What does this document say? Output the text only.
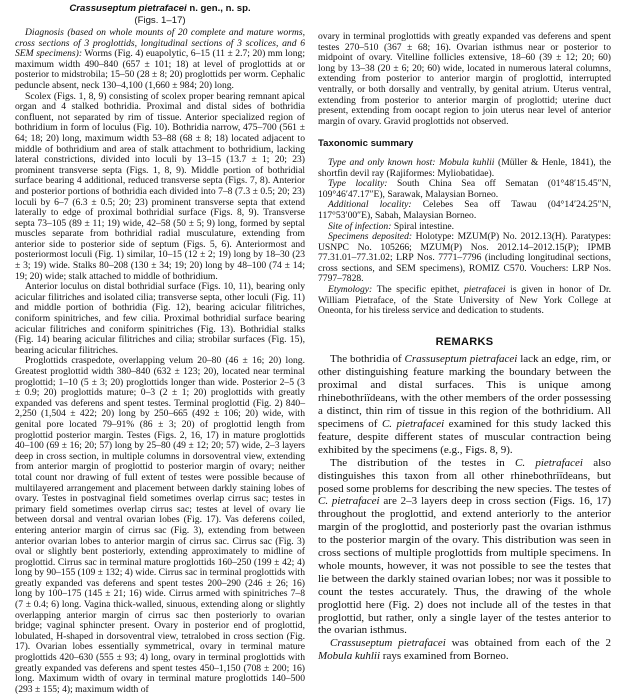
Crassuseptum pietrafacei n. gen., n. sp.
(Figs. 1–17)

Diagnosis (based on whole mounts of 20 complete and mature worms, cross sections of 3 proglottids, longitudinal sections of 3 scolices, and 6 SEM specimens): Worms (Fig. 4) euapolytic, 6–15 (11 ± 2.7; 20) mm long; maximum width 490–840 (657 ± 101; 18) at level of proglottids at or posterior to midstrobila; 15–50 (28 ± 8; 20) proglottids per worm. Cephalic peduncle absent, neck 130–4,100 (1,660 ± 984; 20) long.

Scolex (Figs. 1, 8, 9) consisting of scolex proper bearing remnant apical organ and 4 stalked bothridia. Proximal and distal sides of bothridia confluent, not separated by rim of tissue. Anterior specialized region of bothridium in form of loculus (Fig. 10). Bothridia narrow, 475–700 (561 ± 64; 18; 20) long, maximum width 53–88 (68 ± 8; 18) located adjacent to middle of bothridium and area of stalk attachment to bothridium, lacking lateral constrictions, divided into loculi by 13–15 (13.7 ± 1; 20; 23) prominent transverse septa (Figs. 1, 8, 9). Middle portion of bothridial surface bearing 4 additional, reduced transverse septa (Figs. 7, 8). Anterior and posterior portions of bothridia each divided into 7–8 (7.3 ± 0.5; 20; 23) loculi by 6–7 (6.3 ± 0.5; 20; 23) prominent transverse septa that extend laterally to edge of proximal bothridial surface (Figs. 8, 9). Transverse septa 73–105 (89 ± 11; 19) wide, 42–58 (50 ± 5; 9) long, formed by septal muscles separate from bothridial radial musculature, extending from anterior side to posterior side of septum (Figs. 5, 6). Anteriormost and posteriormost loculi (Fig. 1) similar, 10–15 (12 ± 2; 19) long by 18–30 (23 ± 3; 19) wide. Stalks 80–208 (130 ± 34; 19; 20) long by 48–100 (74 ± 14; 19; 20) wide; stalk attached to middle of bothridium.

Anterior loculus on distal bothridial surface (Figs. 10, 11), bearing only acicular filitriches and isolated cilia; transverse septa, other loculi (Fig. 11) and middle portion of bothridia (Fig. 12), bearing acicular filitriches, coniform spinitriches, and few cilia. Proximal bothridial surface bearing acicular filitriches and coniform spinitriches (Fig. 13). Bothridial stalks (Fig. 14) bearing acicular filitriches and cilia; strobilar surfaces (Fig. 15), bearing acicular filitriches.

Proglottids craspedote, overlapping velum 20–80 (46 ± 16; 20) long. Greatest proglottid width 380–840 (632 ± 123; 20), located near terminal proglottid; 1–10 (5 ± 3; 20) proglottids longer than wide. Posterior 2–5 (3 ± 0.9; 20) proglottids mature; 0–3 (2 ± 1; 20) proglottids with greatly expanded vas deferens and spent testes. Terminal proglottid (Fig. 2) 840–2,250 (1,504 ± 422; 20) long by 250–665 (492 ± 106; 20) wide, with genital pore located 79–91% (86 ± 3; 20) of proglottid length from proglottid posterior margin. Testes (Figs. 2, 16, 17) in mature proglottids 40–100 (69 ± 16; 20; 57) long by 25–80 (49 ± 12; 20; 57) wide, 2–3 layers deep in cross section, in multiple columns in dorsoventral view, extending from anterior margin of proglottid to posterior margin of ovary; neither total count nor drawing of full extent of testes were possible because of multilayered arrangement and placement between darkly staining lobes of ovary. Testes in postvaginal field sometimes overlap cirrus sac; testes in primary field sometimes overlap cirrus sac; testes at level of ovary lie between dorsal and ventral ovarian lobes (Fig. 17). Vas deferens coiled, entering anterior margin of cirrus sac (Fig. 3), extending from between anterior ovarian lobes to anterior margin of cirrus sac. Cirrus sac (Fig. 3) oval or slightly bent posteriorly, extending approximately to midline of proglottid. Cirrus sac in terminal mature proglottids 160–250 (199 ± 42; 4) long by 90–155 (109 ± 132; 4) wide. Cirrus sac in terminal proglottids with greatly expanded vas deferens and spent testes 200–290 (246 ± 26; 16) long by 100–175 (145 ± 21; 16) wide. Cirrus armed with spinitriches 7–8 (7 ± 0.4; 6) long. Vagina thick-walled, sinuous, extending along or slightly overlapping anterior margin of cirrus sac then posteriorly to ovarian bridge; vaginal sphincter present. Ovary in posterior end of proglottid, lobulated, H-shaped in dorsoventral view, tetralobed in cross section (Fig. 17). Ovarian lobes essentially symmetrical, ovary in terminal mature proglottids 420–630 (555 ± 93; 4) long, ovary in terminal proglottids with greatly expanded vas deferens and spent testes 450–1,150 (708 ± 200; 16) long. Maximum width of ovary in terminal mature proglottids 140–500 (293 ± 155; 4); maximum width of

ovary in terminal proglottids with greatly expanded vas deferens and spent testes 270–510 (367 ± 68; 16). Ovarian isthmus near or posterior to midpoint of ovary. Vitelline follicles extensive, 18–60 (39 ± 12; 20; 60) long by 13–38 (20 ± 6; 20; 60) wide, located in numerous lateral columns, extending from posterior to anterior margin of proglottid, interrupted ventrally, or both dorsally and ventrally, by genital atrium. Uterus ventral, extending from posterior to anterior margin of proglottid; uterine duct present, extending from oocapt region to join uterus near level of anterior margin of ovary. Gravid proglottids not observed.

Taxonomic summary

Type and only known host: Mobula kuhlii (Müller & Henle, 1841), the shortfin devil ray (Rajiformes: Myliobatidae).

Type locality: South China Sea off Sematan (01°48′15.45″N, 109°46′47.17″E), Sarawak, Malaysian Borneo.

Additional locality: Celebes Sea off Tawau (04°14′24.25″N, 117°53′00″E), Sabah, Malaysian Borneo.

Site of infection: Spiral intestine.

Specimens deposited: Holotype: MZUM(P) No. 2012.13(H). Paratypes: USNPC No. 105266; MZUM(P) Nos. 2012.14–2012.15(P); IPMB 77.31.01–77.31.02; LRP Nos. 7771–7796 (including longitudinal sections, cross sections, and SEM specimens), ROMIZ C570. Vouchers: LRP Nos. 7797–7828.

Etymology: The specific epithet, pietrafacei is given in honor of Dr. William Pietraface, of the State University of New York College at Oneonta, for his tireless service and dedication to students.

REMARKS

The bothridia of Crassuseptum pietrafacei lack an edge, rim, or other distinguishing feature marking the boundary between the proximal and distal surfaces. This is unique among rhinebothriïdeans, with the other members of the order possessing a distinct, thin rim of tissue in this region of the bothridium. All specimens of C. pietrafacei examined for this study lacked this feature, despite different states of muscular contraction being exhibited by the specimens (e.g., Figs. 8, 9).

The distribution of the testes in C. pietrafacei also distinguishes this taxon from all other rhinebothriïdeans, but posed some problems for describing the new species. The testes of C. pietrafacei are 2–3 layers deep in cross section (Figs. 16, 17) throughout the proglottid, and extend anteriorly to the anterior margin of the proglottid, and posteriorly past the ovarian isthmus to the posterior margin of the ovary. This distribution was seen in cross sections of multiple proglottids from multiple specimens. In whole mounts, however, it was not possible to see the testes that lie between the darkly stained ovarian lobes; nor was it possible to count the testes accurately. Thus, the drawing of the whole proglottid here (Fig. 2) does not include all of the testes in that proglottid, but rather, only a single layer of the testes anterior to the ovarian isthmus.

Crassuseptum pietrafacei was obtained from each of the 2 Mobula kuhlii rays examined from Borneo.
